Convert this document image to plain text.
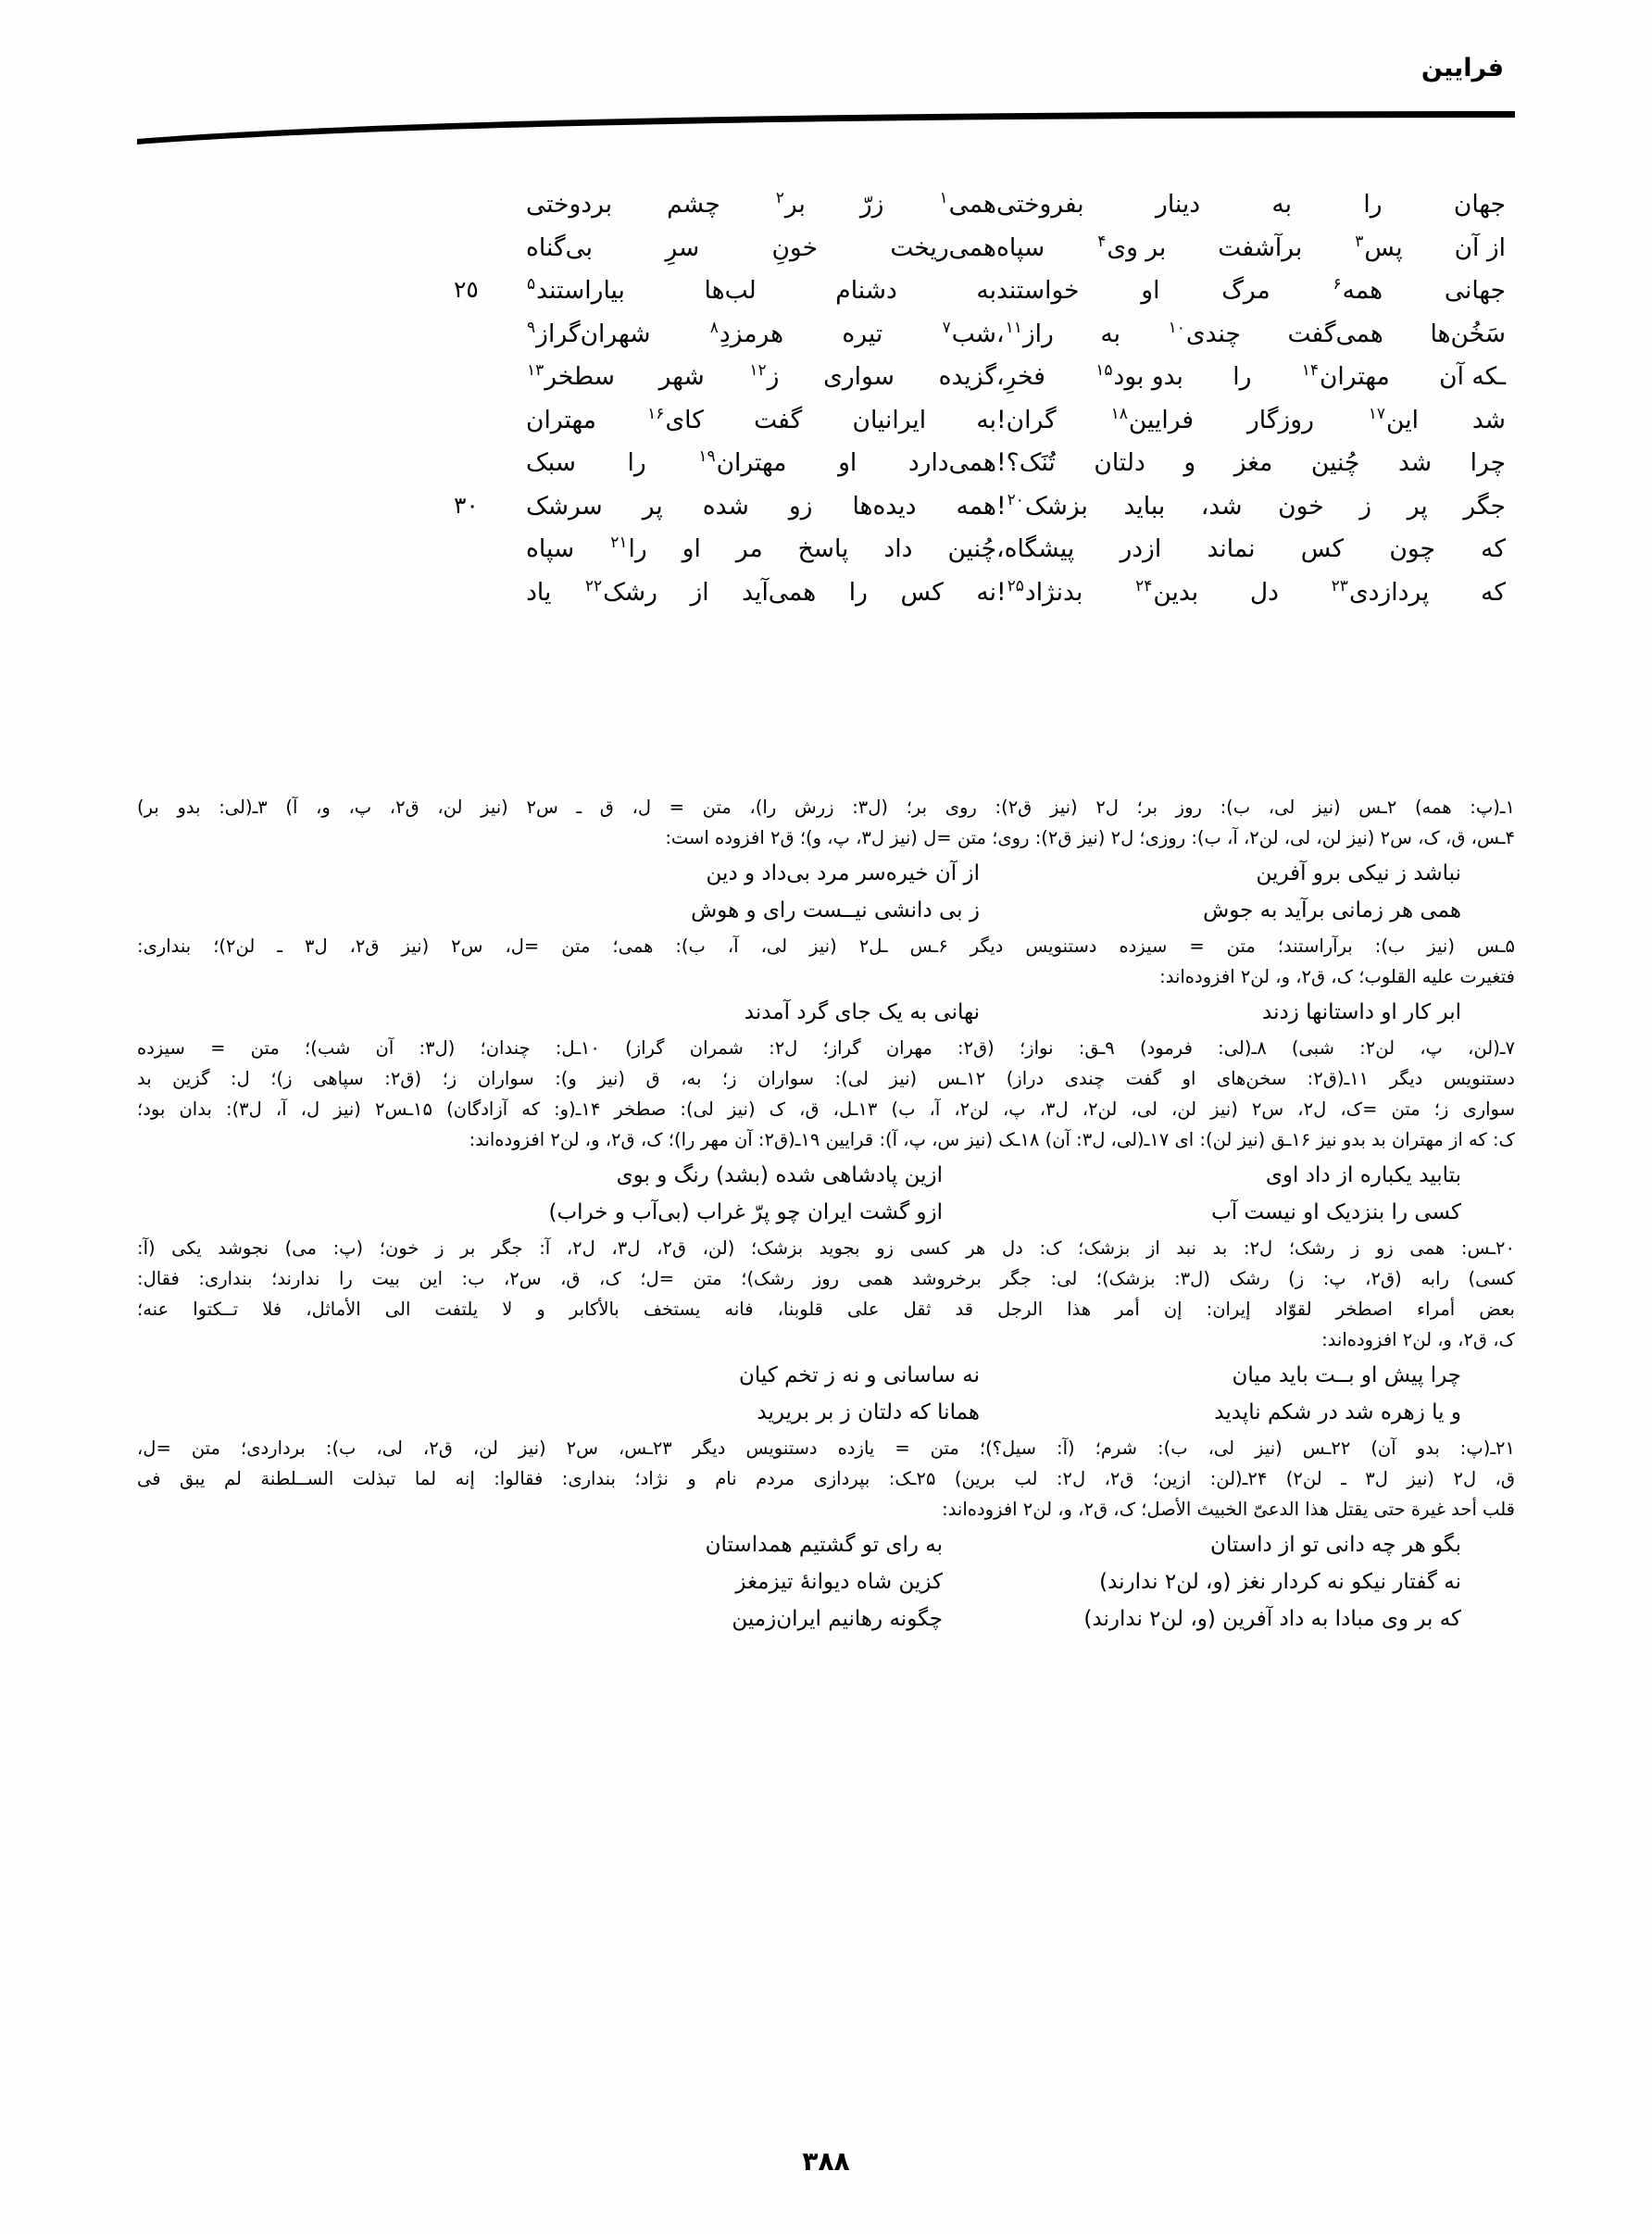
فرایین
جهان
را
به
دینار
بفروختی
همی$^١$
زرّ
بر$^٢$
چشم
بردوختی
از آن
پس$^٣$
برآشفت
بر وی$^۴$
سپاه
همی‌ریخت
خونِ
سرِ
بی‌گناه
جهانی
همه$^۶$
مرگ
او
خواستند
به
دشنام
لب‌ها
بیاراستند$^۵$
٢٥
سَخُن‌ها
همی‌گفت
چندی$^{١٠}$
به
راز$^{١١}$،
شب$^٧$
تیره
هرمزدِ$^٨$
شهران‌گراز$^٩$
ـکه آن
مهتران$^{١۴}$
را
بدو بود$^{١۵}$
فخرِ،
گزیده
سواری
ز$^{١٢}$
شهر
سطخر$^{١٣}$
شد
این$^{١٧}$
روزگار
فرایین$^{١٨}$
گران!
به
ایرانیان
گفت
کای$^{١۶}$
مهتران
چرا
شد
چُنین
مغز
و
دلتان
تُنَک؟!
همی‌دارد
او
مهتران$^{١٩}$
را
سبک
جگر
پر
ز
خون
شد،
بباید
بزشک$^{٢٠}$!
همه
دیده‌ها
زو
شده
پر
سرشک
٣٠
که
چون
کس
نماند
ازدر
پیشگاه،
چُنین
داد
پاسخ
مر
او
را$^{٢١}$
سپاه
که
پردازدی$^{٢٣}$
دل
بدین$^{٢۴}$
بدنژاد$^{٢۵}$!
نه
کس
را
همی‌آید
از
رشک$^{٢٢}$
یاد

١ـ(پ: همه) ٢ـس (نیز لی، ب): روز بر؛ ل٢ (نیز ق٢): روی بر؛ (ل٣: زرش را)، متن = ل، ق ـ س٢ (نیز لن، ق٢، پ، و، آ) ٣ـ(لی: بدو بر)

۴ـس، ق، ک، س٢ (نیز لن، لی، لن٢، آ، ب): روزی؛ ل٢ (نیز ق٢): روی؛ متن =ل (نیز ل٣، پ، و)؛ ق٢ افزوده است:

نباشد ز نیکی برو آفرین
از آن خیره‌سر مرد بی‌داد و دین
همی هر زمانی برآید به جوش
ز بی دانشی نیــست رای و هوش

۵ـس (نیز ب): برآراستند؛ متن = سیزده دستنویس دیگر ۶ـس ـل٢ (نیز لی، آ، ب): همی؛ متن =ل، س٢ (نیز ق٢، ل٣ ـ لن٢)؛ بنداری:

فتغیرت علیه القلوب؛ ک، ق٢، و، لن٢ افزوده‌اند:

ابر کار او داستانها زدند
نهانی به یک جای گرد آمدند

٧ـ(لن، پ، لن٢: شبی) ٨ـ(لی: فرمود) ٩ـق: نواز؛ (ق٢: مهران گراز؛ ل٢: شمران گراز) ١٠ـل: چندان؛ (ل٣: آن شب)؛ متن = سیزده

دستنویس دیگر ١١ـ(ق٢: سخن‌های او گفت چندی دراز) ١٢ـس (نیز لی): سواران ز؛ به، ق (نیز و): سواران ز؛ (ق٢: سپاهی ز)؛ ل: گزین بد

سواری ز؛ متن =ک، ل٢، س٢ (نیز لن، لی، لن٢، ل٣، پ، لن٢، آ، ب) ١٣ـل، ق، ک (نیز لی): صطخر ١۴ـ(و: که آزادگان) ١۵ـس٢ (نیز ل، آ، ل٣): بدان بود؛

ک: که از مهتران بد بدو نیز ١۶ـق (نیز لن): ای ١٧ـ(لی، ل٣: آن) ١٨ـک (نیز س، پ، آ): قرایین ١٩ـ(ق٢: آن مهر را)؛ ک، ق٢، و، لن٢ افزوده‌اند:

بتابید یکباره از داد اوی
ازین پادشاهی شده (بشد) رنگ و بوی
کسی را بنزدیک او نیست آب
ازو گشت ایران چو پرّ غراب (بی‌آب و خراب)

٢٠ـس: همی زو ز رشک؛ ل٢: بد نبد از بزشک؛ ک: دل هر کسی زو بجوید بزشک؛ (لن، ق٢، ل٣، ل٢، آ: جگر بر ز خون؛ (پ: می) نجوشد یکی (آ:

کسی) رابه (ق٢، پ: ز) رشک (ل٣: بزشک)؛ لی: جگر برخروشد همی روز رشک)؛ متن =ل؛ ک، ق، س٢، ب: این بیت را ندارند؛ بنداری: فقال:

بعض أمراء اصطخر لقوّاد إیران: إن أمر هذا الرجل قد ثقل علی قلوبنا، فانه یستخف بالأکابر و لا یلتفت الی الأماثل، فلا تــکتوا عنه؛

ک، ق٢، و، لن٢ افزوده‌اند:

چرا پیش او بــت باید میان
نه ساسانی و نه ز تخم کیان
و یا زهره شد در شکم ناپدید
همانا که دلتان ز بر بریرید

٢١ـ(پ: بدو آن) ٢٢ـس (نیز لی، ب): شرم؛ (آ: سیل؟)؛ متن = یازده دستنویس دیگر ٢٣ـس، س٢ (نیز لن، ق٢، لی، ب): برداردی؛ متن =ل،

ق، ل٢ (نیز ل٣ ـ لن٢) ٢۴ـ(لن: ازین؛ ق٢، ل٢: لب برین) ٢۵ـک: بپردازی مردم نام و نژاد؛ بنداری: فقالوا: إنه لما تبذلت الســلطنة لم یبق فی

قلب أحد غیرة حتی یقتل هذا الدعیّ الخبیث الأصل؛ ک، ق٢، و، لن٢ افزوده‌اند:

بگو هر چه دانی تو از داستان
به رای تو گشتیم همداستان
نه گفتار نیکو نه کردار نغز (و، لن٢ ندارند)
کزین شاه دیوانهٔ تیزمغز
که بر وی مبادا به داد آفرین (و، لن٢ ندارند)
چگونه رهانیم ایران‌زمین
٣٨٨
